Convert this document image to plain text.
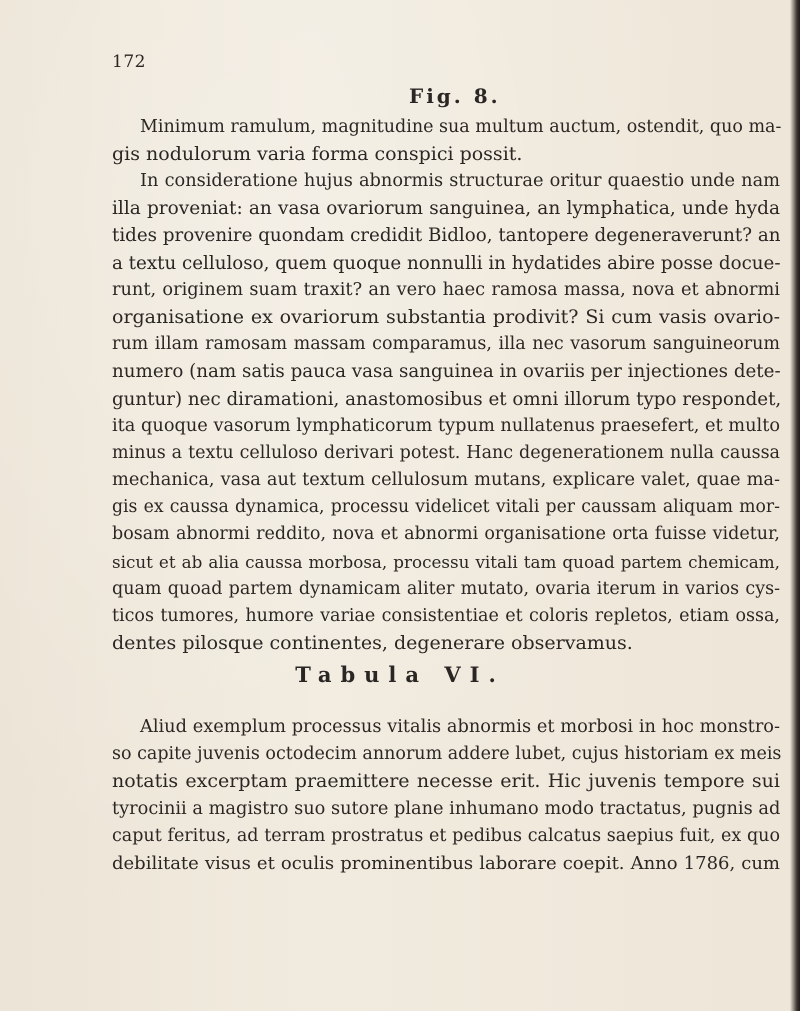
172
Fig. 8.
Minimum ramulum, magnitudine sua multum auctum, ostendit, quo ma-
gis nodulorum varia forma conspici possit.
In consideratione hujus abnormis structurae oritur quaestio unde nam
illa proveniat: an vasa ovariorum sanguinea, an lymphatica, unde hyda
tides provenire quondam credidit Bidloo, tantopere degeneraverunt? an
a textu celluloso, quem quoque nonnulli in hydatides abire posse docue-
runt, originem suam traxit? an vero haec ramosa massa, nova et abnormi
organisatione ex ovariorum substantia prodivit? Si cum vasis ovario-
rum illam ramosam massam comparamus, illa nec vasorum sanguineorum
numero (nam satis pauca vasa sanguinea in ovariis per injectiones dete-
guntur) nec diramationi, anastomosibus et omni illorum typo respondet,
ita quoque vasorum lymphaticorum typum nullatenus praesefert, et multo
minus a textu celluloso derivari potest. Hanc degenerationem nulla caussa
mechanica, vasa aut textum cellulosum mutans, explicare valet, quae ma-
gis ex caussa dynamica, processu videlicet vitali per caussam aliquam mor-
bosam abnormi reddito, nova et abnormi organisatione orta fuisse videtur,
sicut et ab alia caussa morbosa, processu vitali tam quoad partem chemicam,
quam quoad partem dynamicam aliter mutato, ovaria iterum in varios cys-
ticos tumores, humore variae consistentiae et coloris repletos, etiam ossa,
dentes pilosque continentes, degenerare observamus.
Tabula VI.
Aliud exemplum processus vitalis abnormis et morbosi in hoc monstro-
so capite juvenis octodecim annorum addere lubet, cujus historiam ex meis
notatis excerptam praemittere necesse erit. Hic juvenis tempore sui
tyrocinii a magistro suo sutore plane inhumano modo tractatus, pugnis ad
caput feritus, ad terram prostratus et pedibus calcatus saepius fuit, ex quo
debilitate visus et oculis prominentibus laborare coepit. Anno 1786, cum
